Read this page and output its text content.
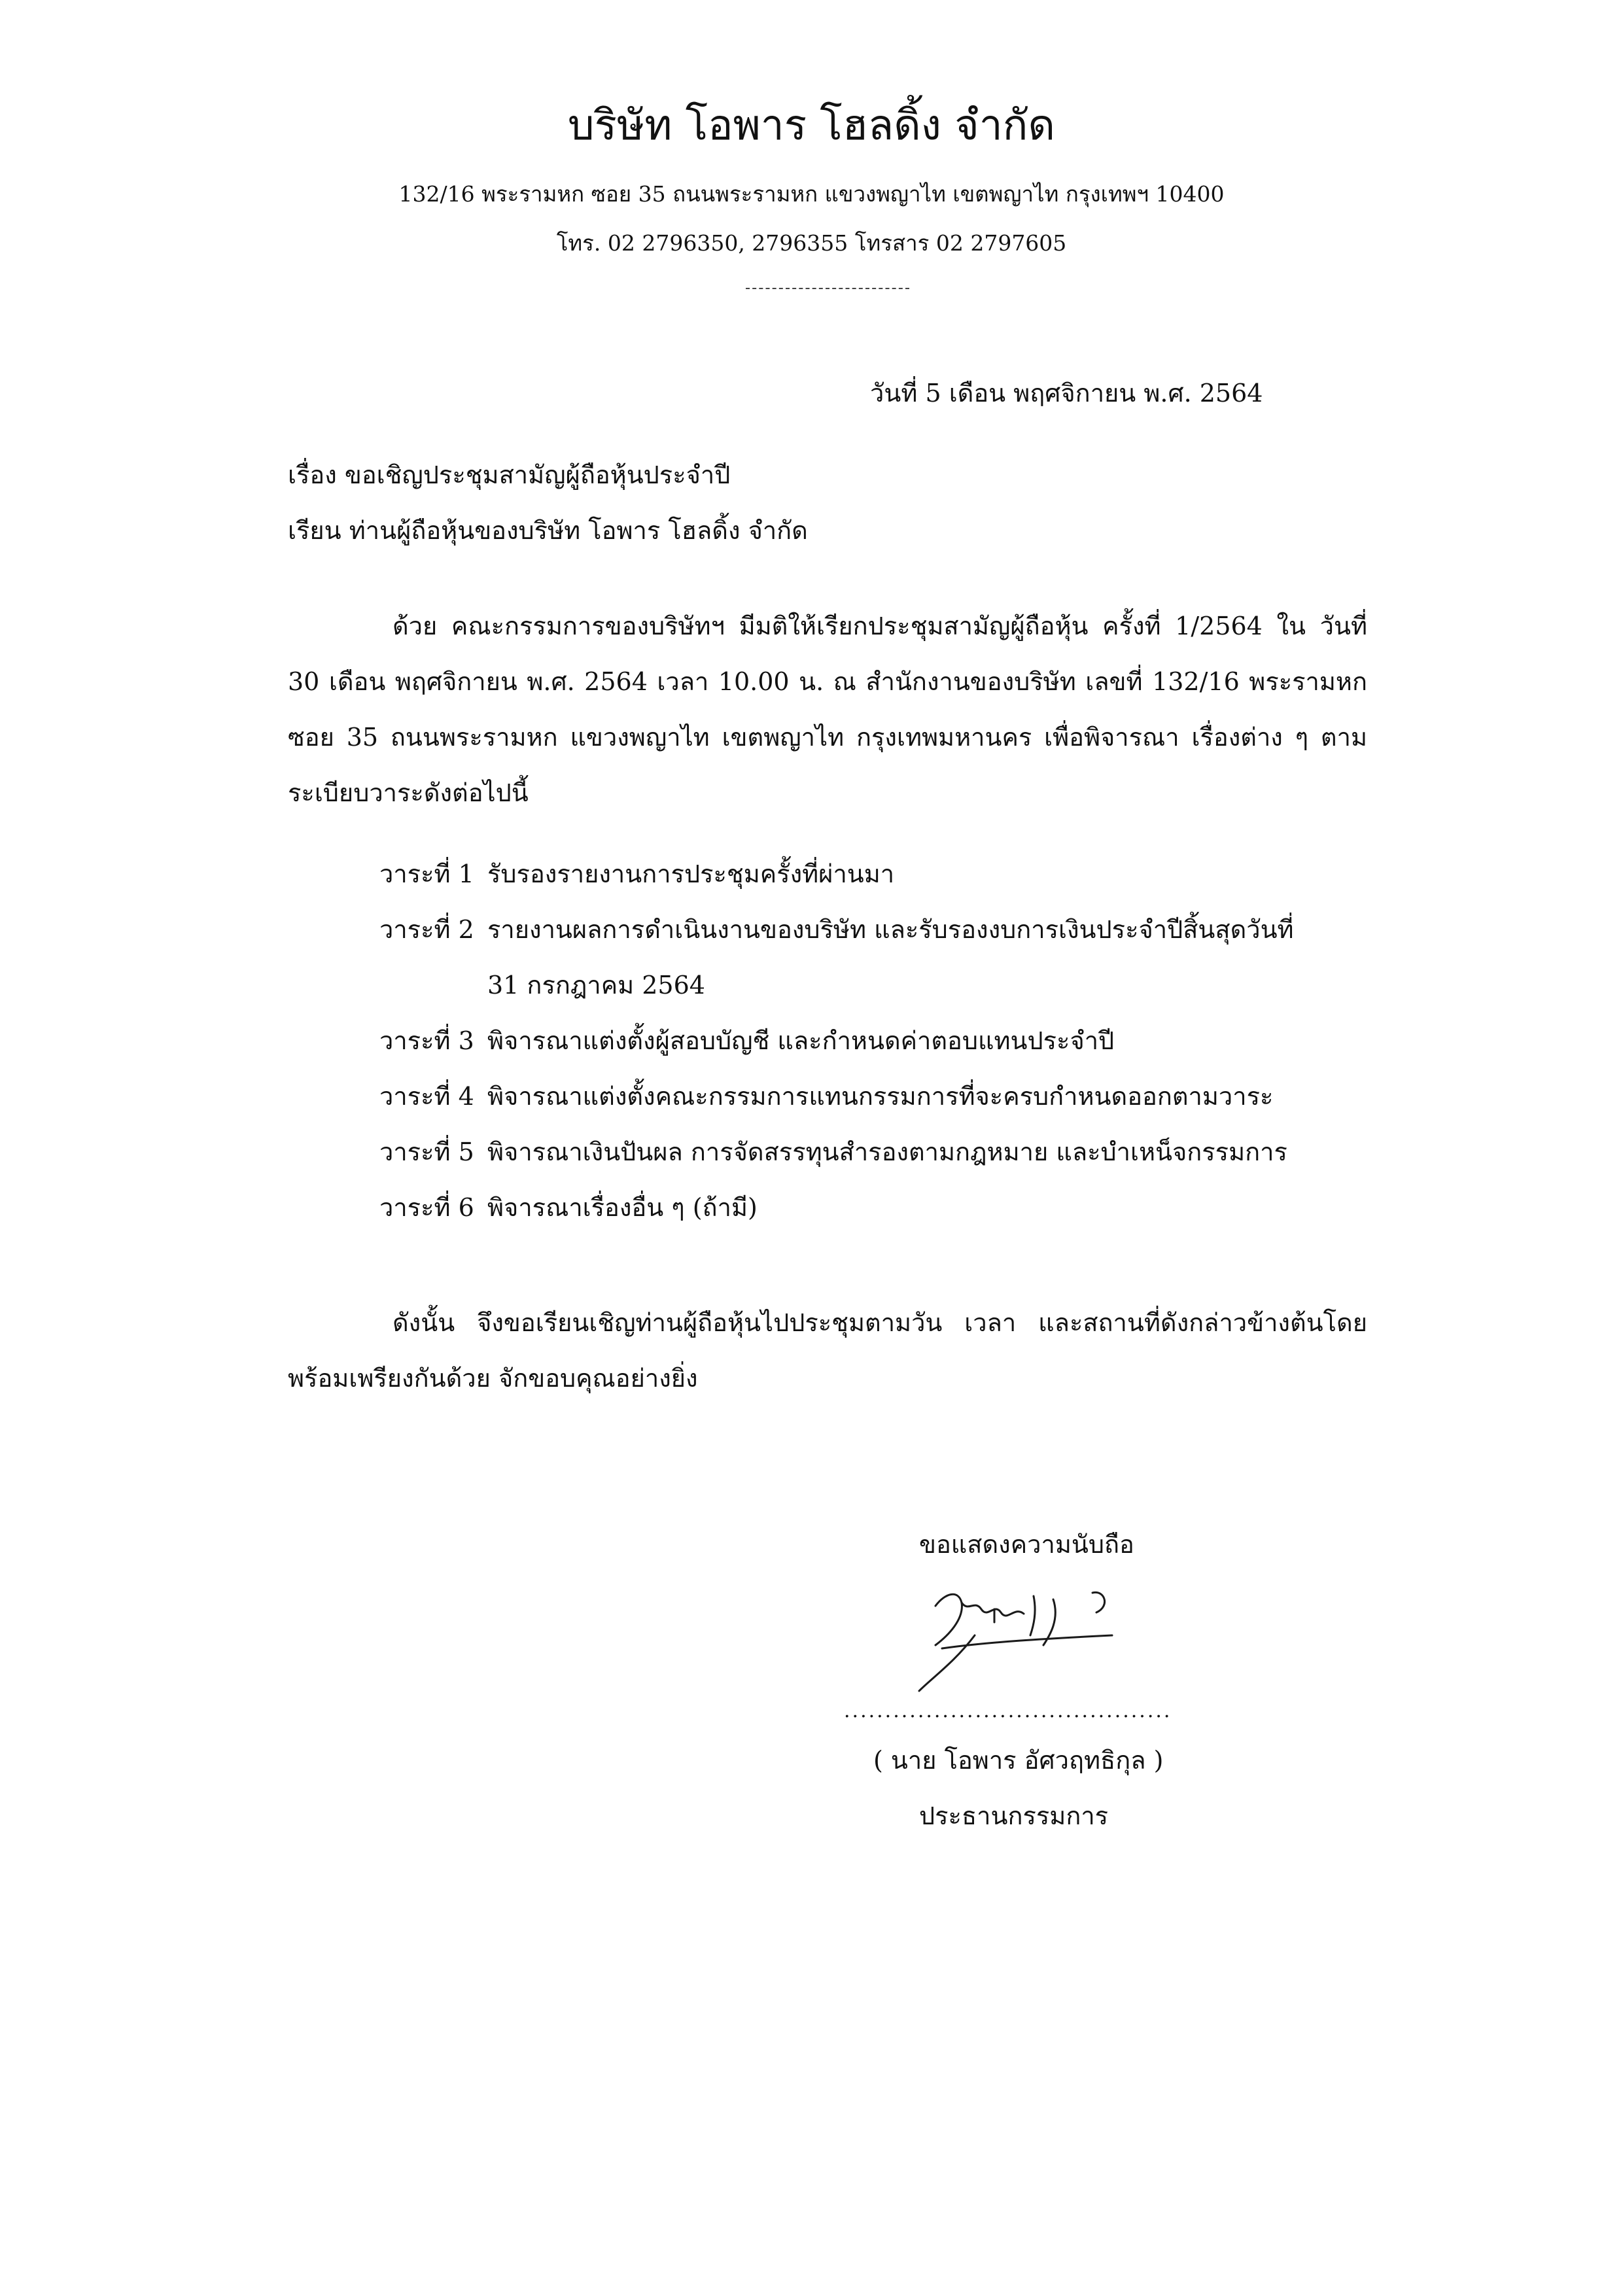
บริษัท โอพาร โฮลดิ้ง จำกัด
132/16 พระรามหก ซอย 35 ถนนพระรามหก แขวงพญาไท เขตพญาไท กรุงเทพฯ 10400
โทร. 02 2796350, 2796355 โทรสาร 02 2797605
วันที่ 5 เดือน พฤศจิกายน พ.ศ. 2564
เรื่อง ขอเชิญประชุมสามัญผู้ถือหุ้นประจำปี
เรียน ท่านผู้ถือหุ้นของบริษัท โอพาร โฮลดิ้ง จำกัด
ด้วย คณะกรรมการของบริษัทฯ มีมติให้เรียกประชุมสามัญผู้ถือหุ้น ครั้งที่ 1/2564 ใน วันที่ 30 เดือน พฤศจิกายน พ.ศ. 2564 เวลา 10.00 น. ณ สำนักงานของบริษัท เลขที่ 132/16 พระรามหก ซอย 35 ถนนพระรามหก แขวงพญาไท เขตพญาไท กรุงเทพมหานคร เพื่อพิจารณา เรื่องต่าง ๆ ตามระเบียบวาระดังต่อไปนี้
วาระที่ 1 รับรองรายงานการประชุมครั้งที่ผ่านมา
วาระที่ 2 รายงานผลการดำเนินงานของบริษัท และรับรองงบการเงินประจำปีสิ้นสุดวันที่
31 กรกฎาคม 2564
วาระที่ 3 พิจารณาแต่งตั้งผู้สอบบัญชี และกำหนดค่าตอบแทนประจำปี
วาระที่ 4 พิจารณาแต่งตั้งคณะกรรมการแทนกรรมการที่จะครบกำหนดออกตามวาระ
วาระที่ 5 พิจารณาเงินปันผล การจัดสรรทุนสำรองตามกฎหมาย และบำเหน็จกรรมการ
วาระที่ 6 พิจารณาเรื่องอื่น ๆ (ถ้ามี)
ดังนั้น จึงขอเรียนเชิญท่านผู้ถือหุ้นไปประชุมตามวัน เวลา และสถานที่ดังกล่าวข้างต้นโดย พร้อมเพรียงกันด้วย จักขอบคุณอย่างยิ่ง
ขอแสดงความนับถือ
........................................
( นาย โอพาร อัศวฤทธิกุล )
ประธานกรรมการ
